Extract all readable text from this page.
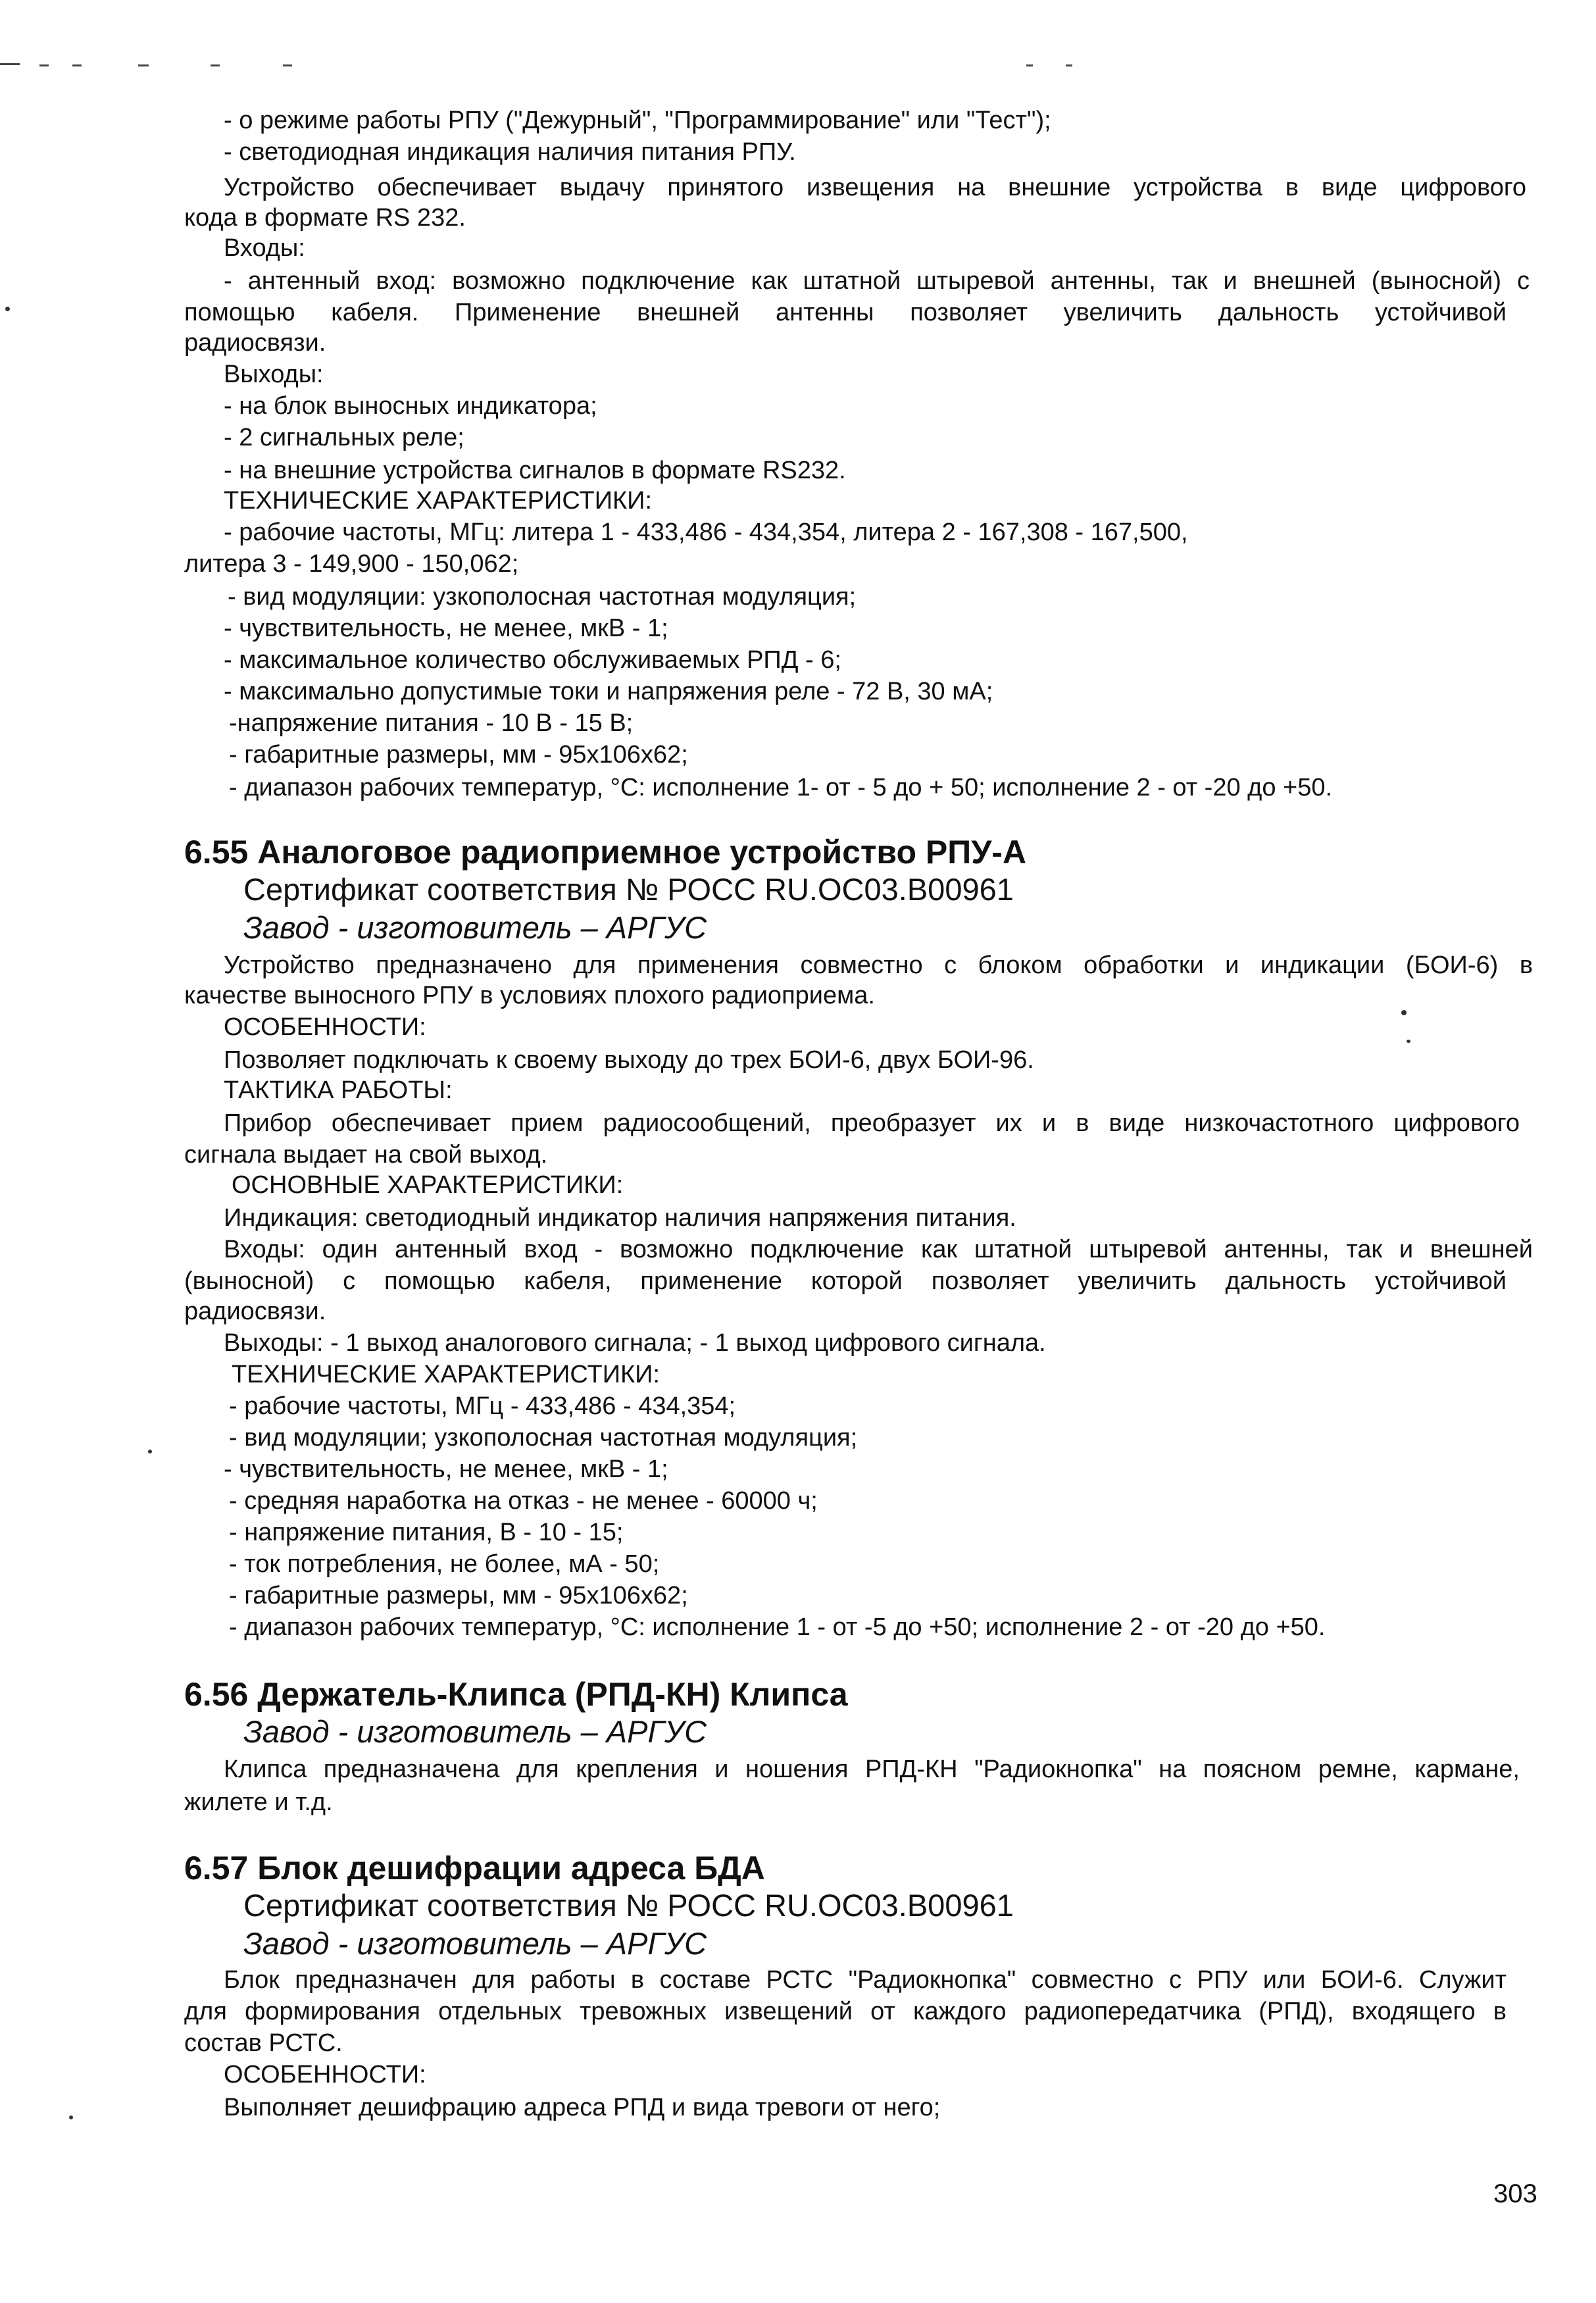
- о режиме работы РПУ ("Дежурный", "Программирование" или "Тест");
- светодиодная индикация наличия питания РПУ.
Устройство обеспечивает выдачу принятого извещения на внешние устройства в виде цифрового
кода в формате RS 232.
Входы:
- антенный вход: возможно подключение как штатной штыревой антенны, так и внешней (выносной) с
помощью кабеля. Применение внешней антенны позволяет увеличить дальность устойчивой
радиосвязи.
Выходы:
- на блок выносных индикатора;
- 2 сигнальных реле;
- на внешние устройства сигналов в формате RS232.
ТЕХНИЧЕСКИЕ ХАРАКТЕРИСТИКИ:
- рабочие частоты, МГц: литера 1 - 433,486 - 434,354, литера 2 - 167,308 - 167,500,
литера 3 - 149,900 - 150,062;
- вид модуляции: узкополосная частотная модуляция;
- чувствительность, не менее, мкВ - 1;
- максимальное количество обслуживаемых РПД - 6;
- максимально допустимые токи и напряжения реле - 72 В, 30 мА;
-напряжение питания - 10 В - 15 В;
- габаритные размеры, мм - 95х106х62;
- диапазон рабочих температур, °С: исполнение 1- от - 5 до + 50; исполнение 2 - от -20 до +50.
6.55 Аналоговое радиоприемное устройство РПУ-А
Сертификат соответствия № РОСС RU.OC03.B00961
Завод - изготовитель – АРГУС
Устройство предназначено для применения совместно с блоком обработки и индикации (БОИ-6) в
качестве выносного РПУ в условиях плохого радиоприема.
ОСОБЕННОСТИ:
Позволяет подключать к своему выходу до трех БОИ-6, двух БОИ-96.
ТАКТИКА РАБОТЫ:
Прибор обеспечивает прием радиосообщений, преобразует их и в виде низкочастотного цифрового
сигнала выдает на свой выход.
ОСНОВНЫЕ ХАРАКТЕРИСТИКИ:
Индикация: светодиодный индикатор наличия напряжения питания.
Входы: один антенный вход - возможно подключение как штатной штыревой антенны, так и внешней
(выносной) с помощью кабеля, применение которой позволяет увеличить дальность устойчивой
радиосвязи.
Выходы: - 1 выход аналогового сигнала; - 1 выход цифрового сигнала.
ТЕХНИЧЕСКИЕ ХАРАКТЕРИСТИКИ:
- рабочие частоты, МГц - 433,486 - 434,354;
- вид модуляции; узкополосная частотная модуляция;
- чувствительность, не менее, мкВ - 1;
- средняя наработка на отказ - не менее - 60000 ч;
- напряжение питания, В - 10 - 15;
- ток потребления, не более, мА - 50;
- габаритные размеры, мм - 95х106х62;
- диапазон рабочих температур, °С: исполнение 1 - от -5 до +50; исполнение 2 - от -20 до +50.
6.56 Держатель-Клипса (РПД-КН) Клипса
Завод - изготовитель – АРГУС
Клипса предназначена для крепления и ношения РПД-КН "Радиокнопка" на поясном ремне, кармане,
жилете и т.д.
6.57 Блок дешифрации адреса БДА
Сертификат соответствия № РОСС RU.OC03.B00961
Завод - изготовитель – АРГУС
Блок предназначен для работы в составе РСТС "Радиокнопка" совместно с РПУ или БОИ-6. Служит
для формирования отдельных тревожных извещений от каждого радиопередатчика (РПД), входящего в
состав РСТС.
ОСОБЕННОСТИ:
Выполняет дешифрацию адреса РПД и вида тревоги от него;
303
